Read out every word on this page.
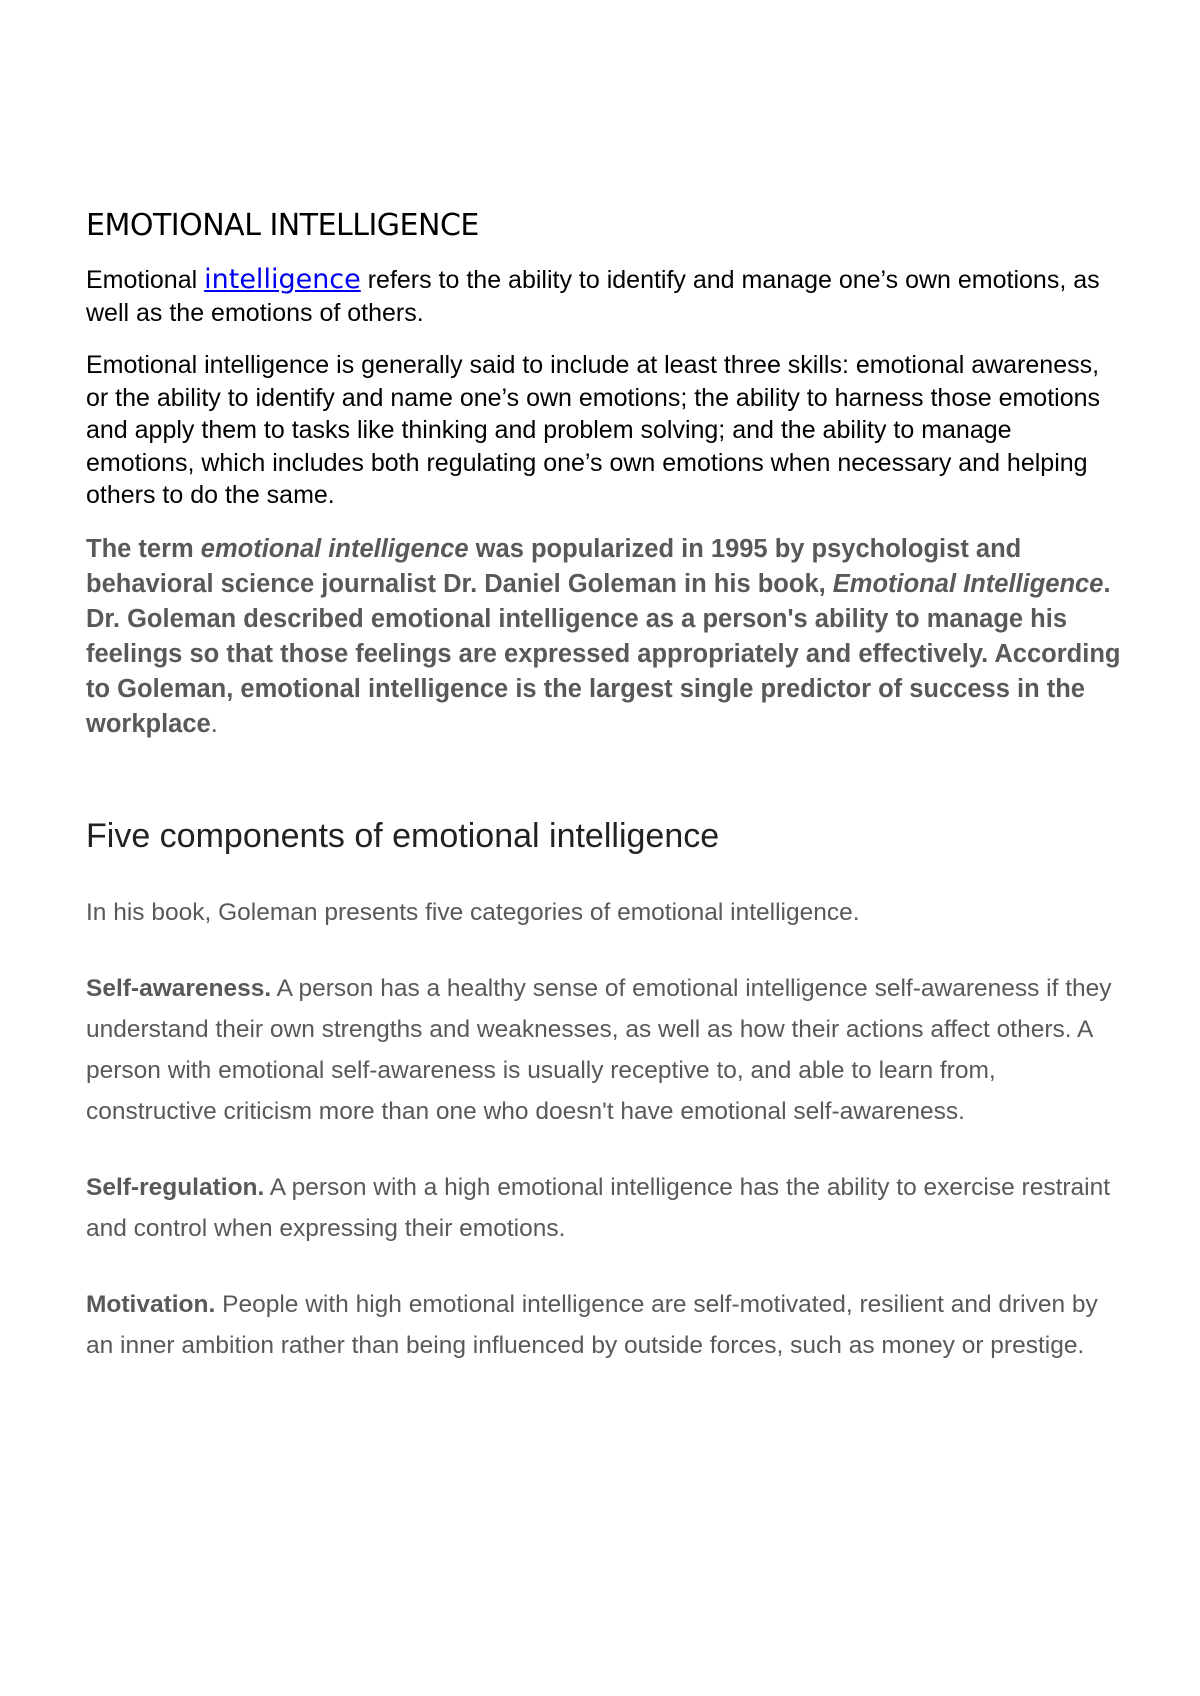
EMOTIONAL INTELLIGENCE

Emotional intelligence refers to the ability to identify and manage one’s own emotions, as well as the emotions of others.

Emotional intelligence is generally said to include at least three skills: emotional awareness, or the ability to identify and name one’s own emotions; the ability to harness those emotions and apply them to tasks like thinking and problem solving; and the ability to manage emotions, which includes both regulating one’s own emotions when necessary and helping others to do the same.

The term emotional intelligence was popularized in 1995 by psychologist and behavioral science journalist Dr. Daniel Goleman in his book, Emotional Intelligence. Dr. Goleman described emotional intelligence as a person's ability to manage his feelings so that those feelings are expressed appropriately and effectively. According to Goleman, emotional intelligence is the largest single predictor of success in the workplace.

Five components of emotional intelligence

In his book, Goleman presents five categories of emotional intelligence.

Self-awareness. A person has a healthy sense of emotional intelligence self-awareness if they understand their own strengths and weaknesses, as well as how their actions affect others. A person with emotional self-awareness is usually receptive to, and able to learn from, constructive criticism more than one who doesn't have emotional self-awareness.

Self-regulation. A person with a high emotional intelligence has the ability to exercise restraint and control when expressing their emotions.

Motivation. People with high emotional intelligence are self-motivated, resilient and driven by an inner ambition rather than being influenced by outside forces, such as money or prestige.
